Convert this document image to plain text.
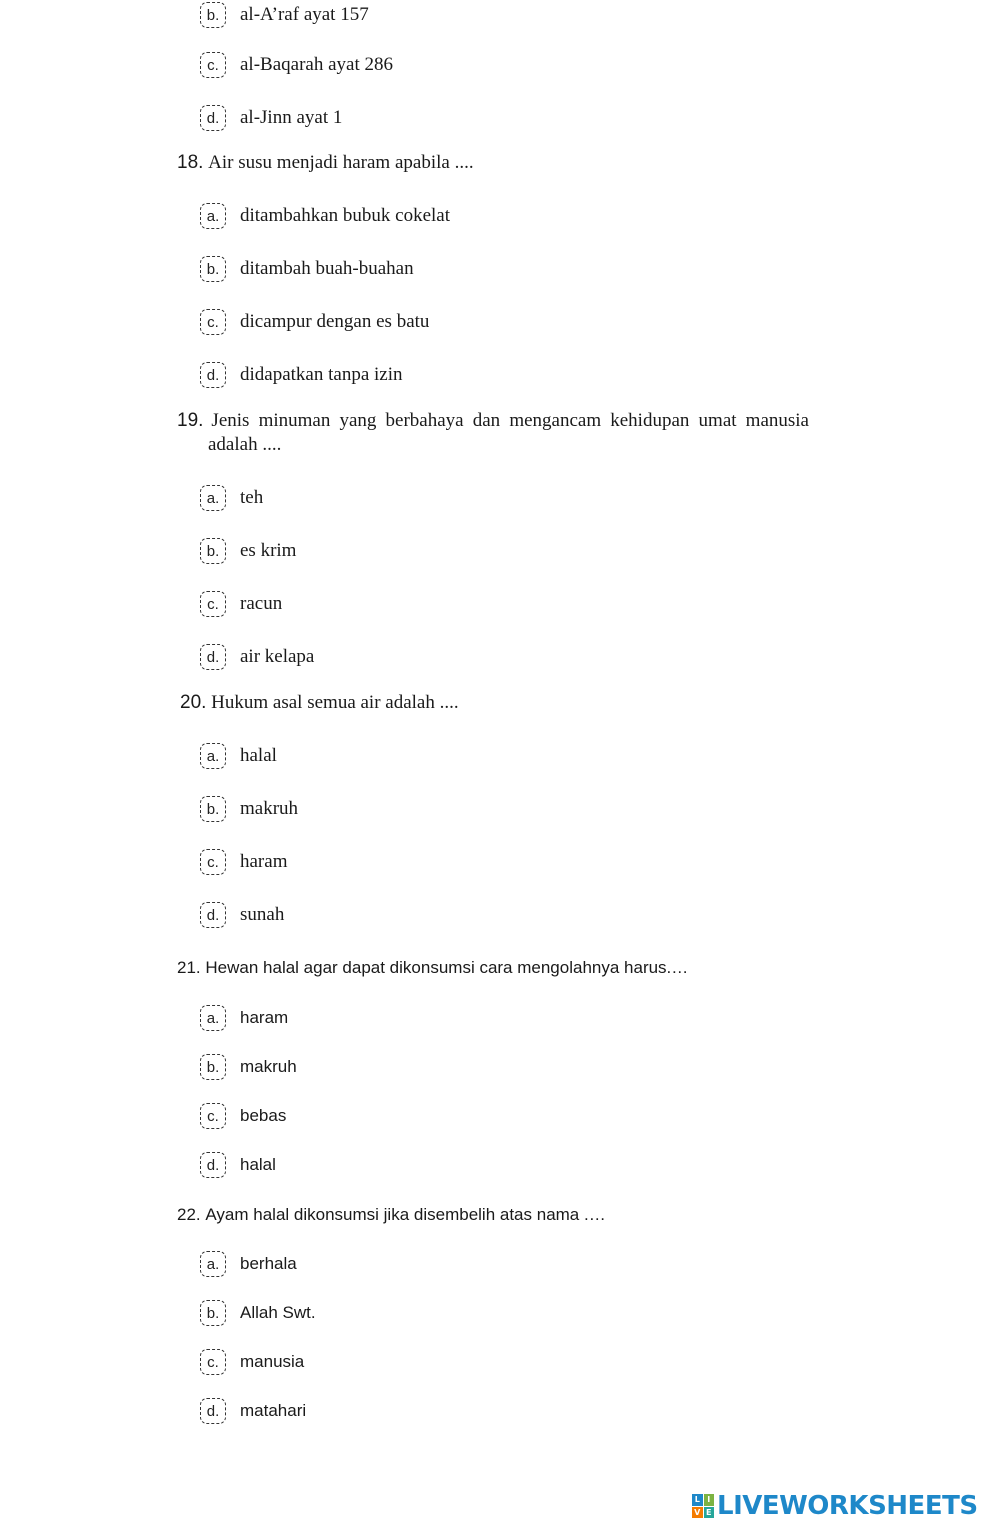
b.	al-A’raf ayat 157
c.	al-Baqarah ayat 286
d.	al-Jinn ayat 1
18. Air susu menjadi haram apabila ....
a.	ditambahkan bubuk cokelat
b.	ditambah buah-buahan
c.	dicampur dengan es batu
d.	didapatkan tanpa izin
19. Jenis minuman yang berbahaya dan mengancam kehidupan umat manusia
adalah ....
a.	teh
b.	es krim
c.	racun
d.	air kelapa
20. Hukum asal semua air adalah ....
a.	halal
b.	makruh
c.	haram
d.	sunah
21. Hewan halal agar dapat dikonsumsi cara mengolahnya harus.…
a.	haram
b.	makruh
c.	bebas
d.	halal
22. Ayam halal dikonsumsi jika disembelih atas nama .…
a.	berhala
b.	Allah Swt.
c.	manusia
d.	matahari
L I
V E LIVEWORKSHEETS
